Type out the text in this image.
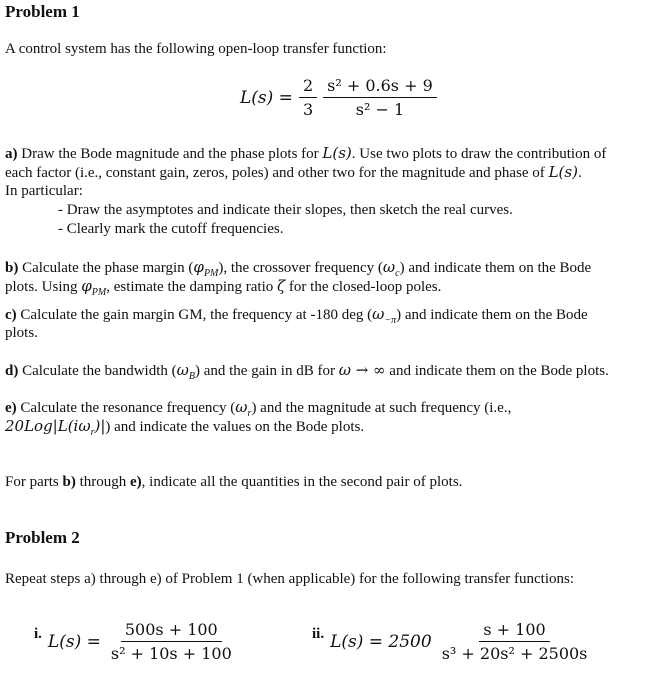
Problem 1
A control system has the following open-loop transfer function:
$L(s) = \frac{2}{3} \frac{\text{s² + 0.6s + 9}}{\text{s² − 1}}$
a) Draw the Bode magnitude and the phase plots for L(s). Use two plots to draw the contribution of
each factor (i.e., constant gain, zeros, poles) and other two for the magnitude and phase of L(s).
In particular:
- Draw the asymptotes and indicate their slopes, then sketch the real curves.
- Clearly mark the cutoff frequencies.
b) Calculate the phase margin $(\varphi_{PM})$, the crossover frequency $(\omega_c)$ and indicate them on the Bode
plots. Using $\varphi_{PM}$, estimate the damping ratio ζ for the closed-loop poles.
c) Calculate the gain margin GM, the frequency at -180 deg $(\omega_{-\pi})$ and indicate them on the Bode
plots.
d) Calculate the bandwidth $(\omega_B)$ and the gain in dB for ω → ∞ and indicate them on the Bode plots.
e) Calculate the resonance frequency $(\omega_r)$ and the magnitude at such frequency (i.e.,
$20Log|L(i\omega_r)|$) and indicate the values on the Bode plots.
For parts b) through e), indicate all the quantities in the second pair of plots.
Problem 2
Repeat steps a) through e) of Problem 1 (when applicable) for the following transfer functions:
i. $L(s) = \frac{500s + 100}{\text{s² + 10s + 100}}$	ii. $L(s) = 2500 \frac{s + 100}{\text{s³ + 20s² + 2500s}}$
